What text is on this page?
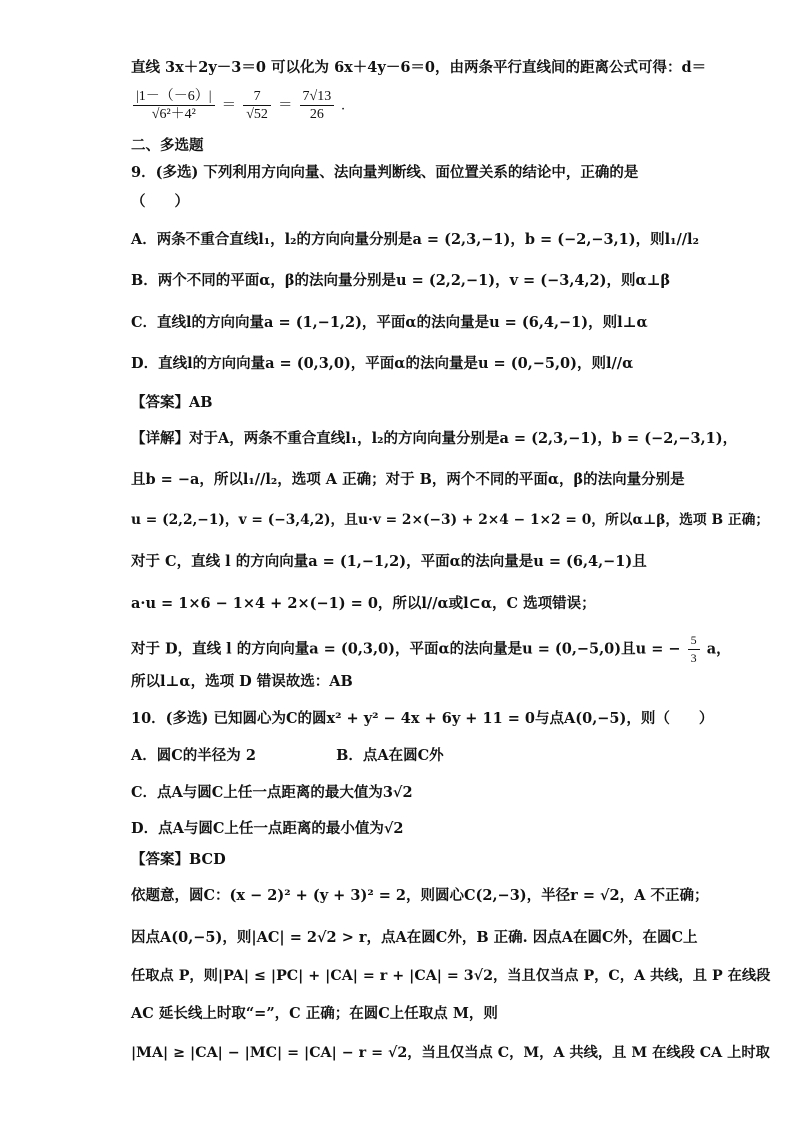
直线 3x＋2y－3＝0 可以化为 6x＋4y－6＝0，由两条平行直线间的距离公式可得：d＝
$\frac{|1-(-6)|}{\text{√6²＋4²}} = \frac{7}{√52} = \frac{7√13}{26}$ .
二、多选题
9．(多选) 下列利用方向向量、法向量判断线、面位置关系的结论中，正确的是
（　　）
A．两条不重合直线l₁，l₂的方向向量分别是a = (2,3,−1)，b = (−2,−3,1)，则l₁//l₂
B．两个不同的平面α，β的法向量分别是u = (2,2,−1)，v = (−3,4,2)，则α⊥β
C．直线l的方向向量a = (1,−1,2)，平面α的法向量是u = (6,4,−1)，则l⊥α
D．直线l的方向向量a = (0,3,0)，平面α的法向量是u = (0,−5,0)，则l//α
【答案】AB
【详解】对于A，两条不重合直线l₁，l₂的方向向量分别是a = (2,3,−1)，b = (−2,−3,1)，
且b = −a，所以l₁//l₂，选项 A 正确；对于 B，两个不同的平面α，β的法向量分别是
u = (2,2,−1)，v = (−3,4,2)，且u·v = 2×(−3) + 2×4 − 1×2 = 0，所以α⊥β，选项 B 正确；
对于 C，直线 l 的方向向量a = (1,−1,2)，平面α的法向量是u = (6,4,−1)且
a·u = 1×6 − 1×4 + 2×(−1) = 0，所以l//α或l⊂α，C 选项错误；
对于 D，直线 l 的方向向量a = (0,3,0)，平面α的法向量是u = (0,−5,0)且u = − $\frac{5}{3}$ a，
所以l⊥α，选项 D 错误故选：AB
10．(多选) 已知圆心为C的圆x² + y² − 4x + 6y + 11 = 0与点A(0,−5)，则（　　）
A．圆C的半径为 2	B．点A在圆C外
C．点A与圆C上任一点距离的最大值为3√2
D．点A与圆C上任一点距离的最小值为√2
【答案】BCD
依题意，圆C：(x − 2)² + (y + 3)² = 2，则圆心C(2,−3)，半径r = √2，A 不正确；
因点A(0,−5)，则|AC| = 2√2 > r，点A在圆C外，B 正确. 因点A在圆C外，在圆C上
任取点 P，则|PA| ≤ |PC| + |CA| = r + |CA| = 3√2，当且仅当点 P，C，A 共线，且 P 在线段
AC 延长线上时取“=”，C 正确；在圆C上任取点 M，则
|MA| ≥ |CA| − |MC| = |CA| − r = √2，当且仅当点 C，M，A 共线，且 M 在线段 CA 上时取
